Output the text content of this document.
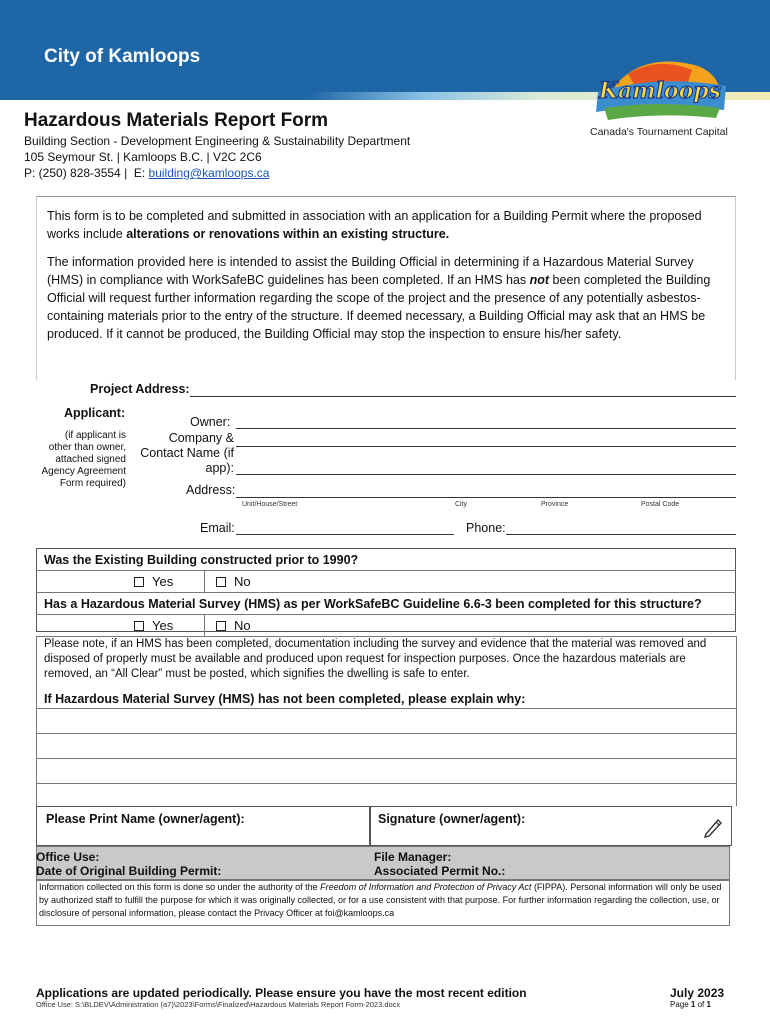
City of Kamloops
Kamloops
Canada's Tournament Capital
Hazardous Materials Report Form
Building Section - Development Engineering & Sustainability Department
105 Seymour St. | Kamloops B.C. | V2C 2C6
P: (250) 828-3554 |  E: building@kamloops.ca

This form is to be completed and submitted in association with an application for a Building Permit where the proposed works include alterations or renovations within an existing structure.

The information provided here is intended to assist the Building Official in determining if a Hazardous Material Survey (HMS) in compliance with WorkSafeBC guidelines has been completed. If an HMS has not been completed the Building Official will request further information regarding the scope of the project and the presence of any potentially asbestos-containing materials prior to the entry of the structure. If deemed necessary, a Building Official may ask that an HMS be produced. If it cannot be produced, the Building Official may stop the inspection to ensure his/her safety.

Project Address:
Applicant:
(if applicant is other than owner, attached signed Agency Agreement Form required)
Owner:
Company & Contact Name (if app):
Address:
Unit/House/Street	City	Province	Postal Code
Email:	Phone:
Was the Existing Building constructed prior to 1990?
Yes	No
Has a Hazardous Material Survey (HMS) as per WorkSafeBC Guideline 6.6-3 been completed for this structure?
Yes	No
Please note, if an HMS has been completed, documentation including the survey and evidence that the material was removed and disposed of properly must be available and produced upon request for inspection purposes. Once the hazardous materials are removed, an “All Clear” must be posted, which signifies the dwelling is safe to enter.
If Hazardous Material Survey (HMS) has not been completed, please explain why:
Please Print Name (owner/agent):	Signature (owner/agent):
Office Use:
Date of Original Building Permit:
File Manager:
Associated Permit No.:
Information collected on this form is done so under the authority of the Freedom of Information and Protection of Privacy Act (FIPPA). Personal information will only be used by authorized staff to fulfill the purpose for which it was originally collected, or for a use consistent with that purpose. For further information regarding the collection, use, or disclosure of personal information, please contact the Privacy Officer at foi@kamloops.ca
Applications are updated periodically. Please ensure you have the most recent edition
Office Use: S:\BLDEV\Administration (a7)\2023\Forms\Finalized\Hazardous Materials Report Form-2023.docx
July 2023
Page 1 of 1
